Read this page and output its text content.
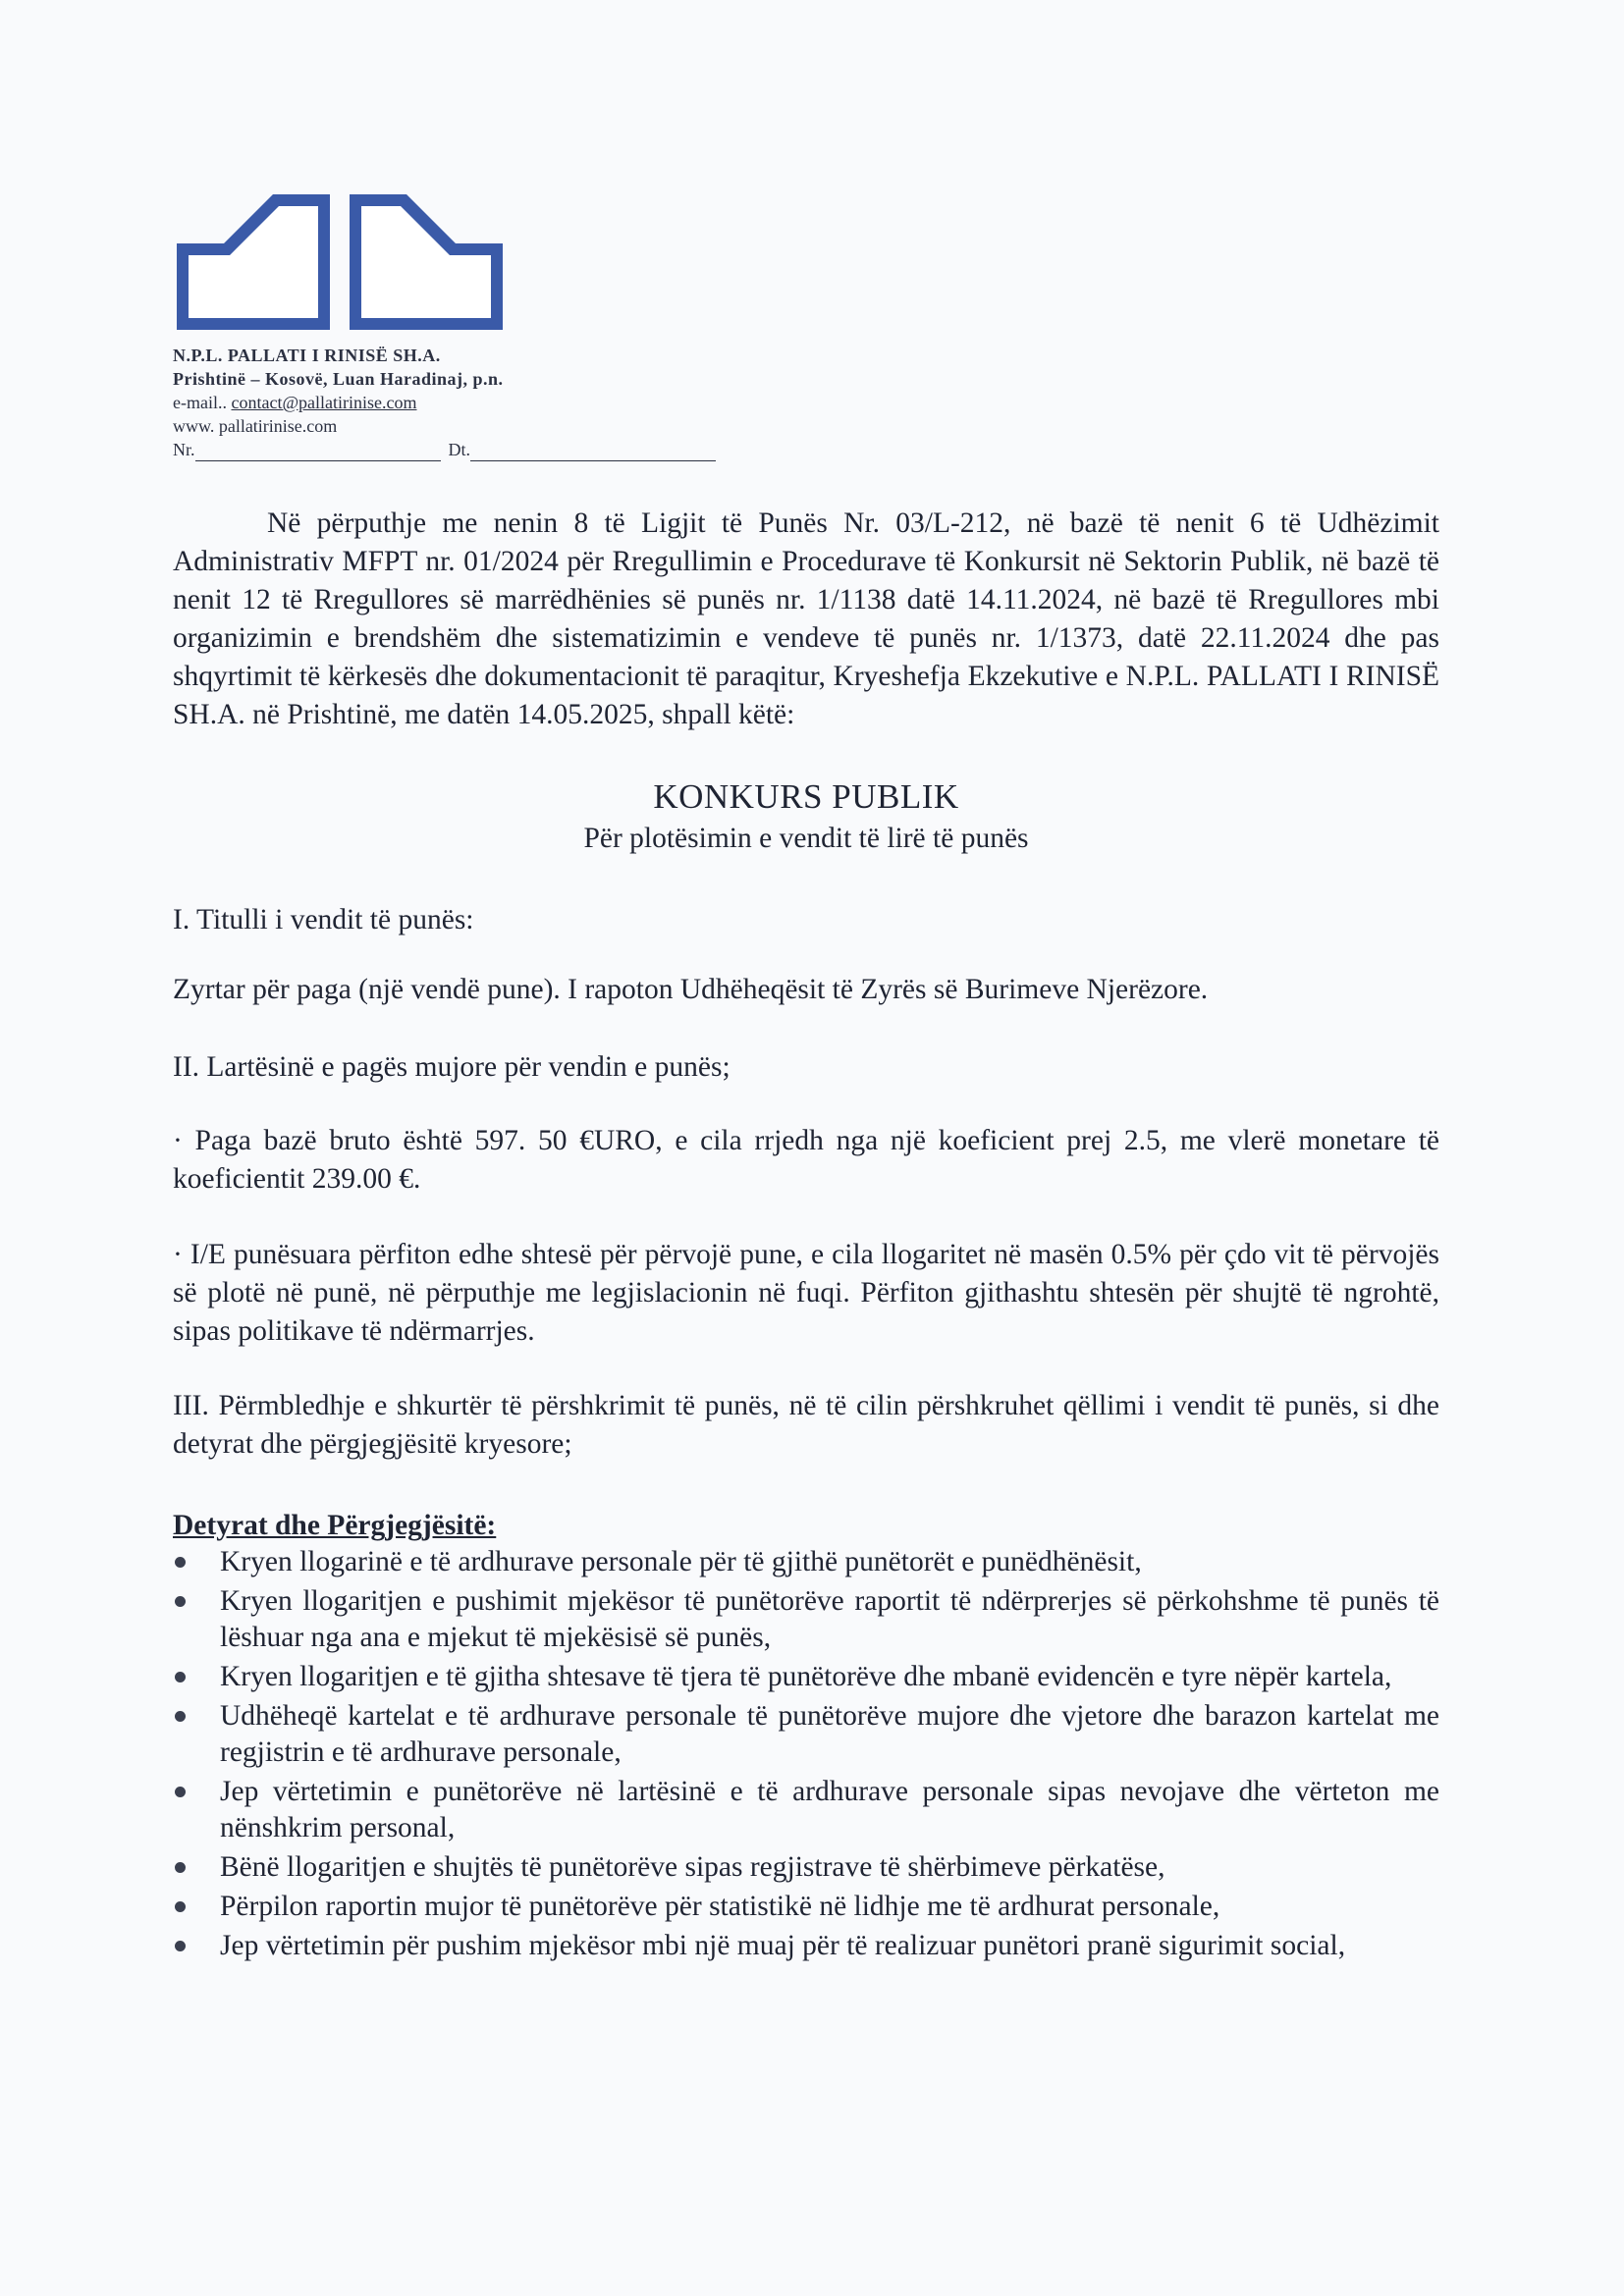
N.P.L. PALLATI I RINISË SH.A.
Prishtinë – Kosovë, Luan Haradinaj, p.n.
e-mail.. contact@pallatirinise.com
www. pallatirinise.com
Nr.	Dt.
Në përputhje me nenin 8 të Ligjit të Punës Nr. 03/L-212, në bazë të nenit 6 të Udhëzimit Administrativ MFPT nr. 01/2024 për Rregullimin e Procedurave të Konkursit në Sektorin Publik, në bazë të nenit 12 të Rregullores së marrëdhënies së punës nr. 1/1138 datë 14.11.2024, në bazë të Rregullores mbi organizimin e brendshëm dhe sistematizimin e vendeve të punës nr. 1/1373, datë 22.11.2024 dhe pas shqyrtimit të kërkesës dhe dokumentacionit të paraqitur, Kryeshefja Ekzekutive e N.P.L. PALLATI I RINISË SH.A. në Prishtinë, me datën 14.05.2025, shpall këtë:
KONKURS PUBLIK
Për plotësimin e vendit të lirë të punës
I. Titulli i vendit të punës:
Zyrtar për paga (një vendë pune). I rapoton Udhëheqësit të Zyrës së Burimeve Njerëzore.
II. Lartësinë e pagës mujore për vendin e punës;
· Paga bazë bruto është 597. 50 €URO, e cila rrjedh nga një koeficient prej 2.5, me vlerë monetare të koeficientit 239.00 €.
· I/E punësuara përfiton edhe shtesë për përvojë pune, e cila llogaritet në masën 0.5% për çdo vit të përvojës së plotë në punë, në përputhje me legjislacionin në fuqi. Përfiton gjithashtu shtesën për shujtë të ngrohtë, sipas politikave të ndërmarrjes.
III. Përmbledhje e shkurtër të përshkrimit të punës, në të cilin përshkruhet qëllimi i vendit të punës, si dhe detyrat dhe përgjegjësitë kryesore;
Detyrat dhe Përgjegjësitë:
Kryen llogarinë e të ardhurave personale për të gjithë punëtorët e punëdhënësit,
Kryen llogaritjen e pushimit mjekësor të punëtorëve raportit të ndërprerjes së përkohshme të punës të lëshuar nga ana e mjekut të mjekësisë së punës,
Kryen llogaritjen e të gjitha shtesave të tjera të punëtorëve dhe mbanë evidencën e tyre nëpër kartela,
Udhëheqë kartelat e të ardhurave personale të punëtorëve mujore dhe vjetore dhe barazon kartelat me regjistrin e të ardhurave personale,
Jep vërtetimin e punëtorëve në lartësinë e të ardhurave personale sipas nevojave dhe vërteton me nënshkrim personal,
Bënë llogaritjen e shujtës të punëtorëve sipas regjistrave të shërbimeve përkatëse,
Përpilon raportin mujor të punëtorëve për statistikë në lidhje me të ardhurat personale,
Jep vërtetimin për pushim mjekësor mbi një muaj për të realizuar punëtori pranë sigurimit social,
